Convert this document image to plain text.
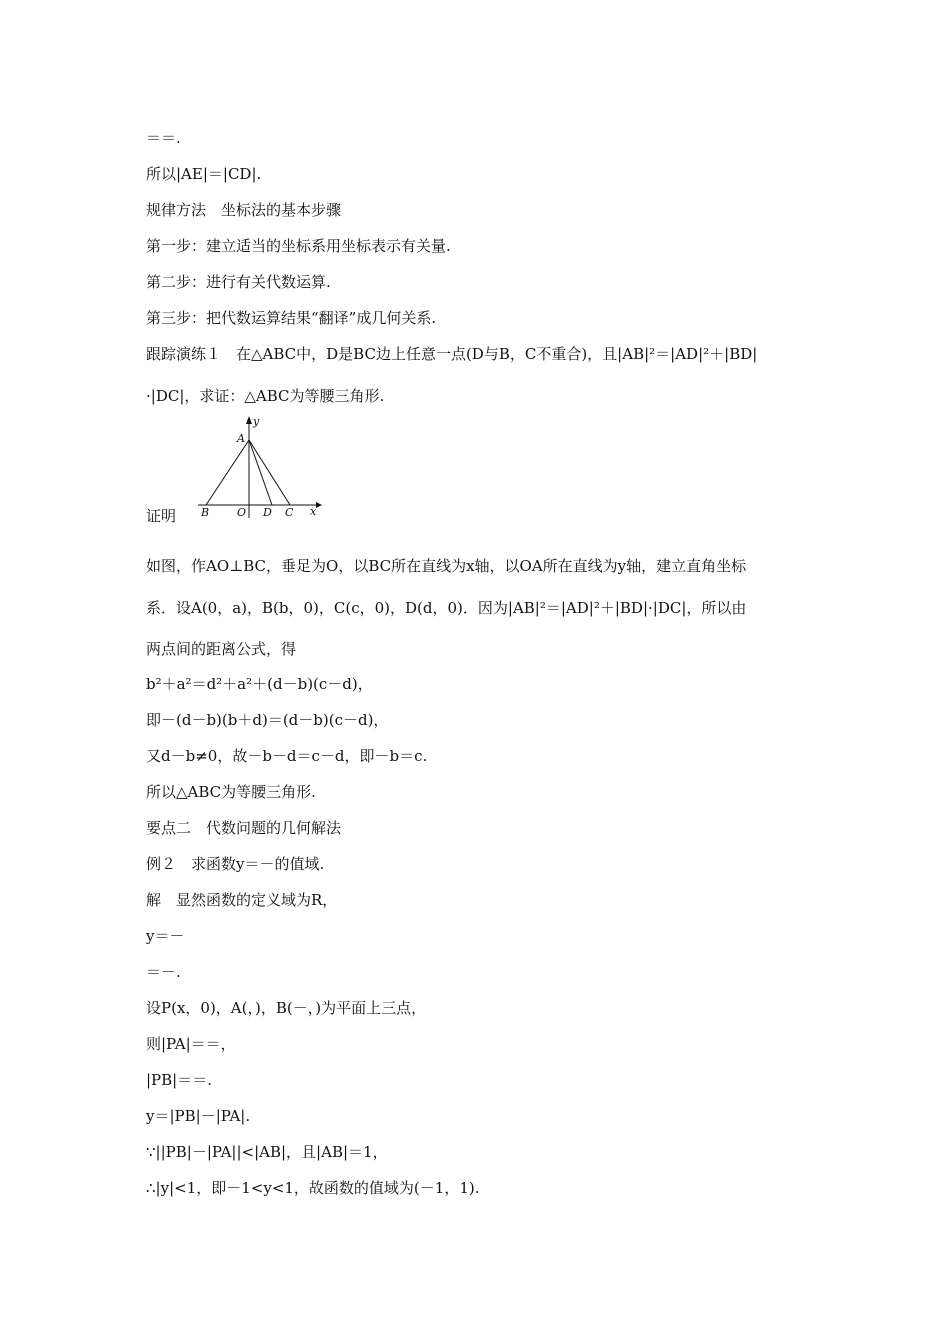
＝＝.
所以|AE|＝|CD|.
规律方法　坐标法的基本步骤
第一步：建立适当的坐标系用坐标表示有关量.
第二步：进行有关代数运算.
第三步：把代数运算结果“翻译”成几何关系.
跟踪演练１　在△ABC中，D是BC边上任意一点(D与B，C不重合)，且|AB|²＝|AD|²＋|BD|
·|DC|，求证：△ABC为等腰三角形.
y
x
A
B	O D C
证明
如图，作AO⊥BC，垂足为O，以BC所在直线为x轴，以OA所在直线为y轴，建立直角坐标
系．设A(0，a)，B(b，0)，C(c，0)，D(d，0)．因为|AB|²＝|AD|²＋|BD|·|DC|，所以由
两点间的距离公式，得
b²＋a²＝d²＋a²＋(d－b)(c－d)，
即－(d－b)(b＋d)＝(d－b)(c－d)，
又d－b≠0，故－b－d＝c－d，即－b＝c.
所以△ABC为等腰三角形.
要点二　代数问题的几何解法
例２　求函数y＝－的值域.
解　显然函数的定义域为R，
y＝－
＝－.
设P(x，0)，A(，)，B(－，)为平面上三点，
则|PA|＝＝，
|PB|＝＝.
y＝|PB|－|PA|.
∵||PB|－|PA||<|AB|，且|AB|＝1，
∴|y|<1，即－1<y<1，故函数的值域为(－1，1).
